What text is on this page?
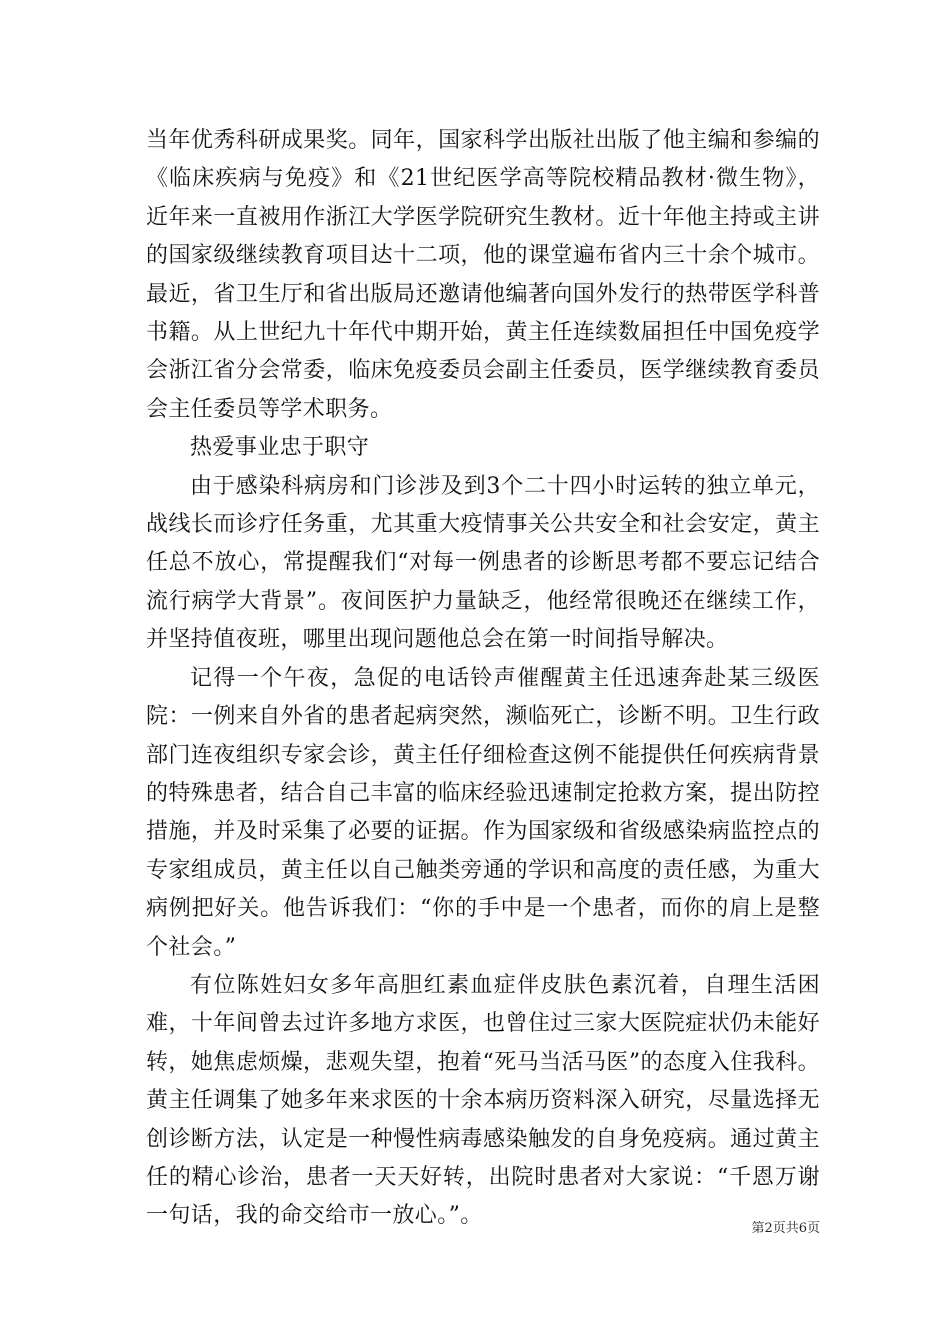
当年优秀科研成果奖。同年，国家科学出版社出版了他主编和参编的《临床疾病与免疫》和《21世纪医学高等院校精品教材·微生物》，近年来一直被用作浙江大学医学院研究生教材。近十年他主持或主讲的国家级继续教育项目达十二项，他的课堂遍布省内三十余个城市。最近，省卫生厅和省出版局还邀请他编著向国外发行的热带医学科普书籍。从上世纪九十年代中期开始，黄主任连续数届担任中国免疫学会浙江省分会常委，临床免疫委员会副主任委员，医学继续教育委员会主任委员等学术职务。

热爱事业忠于职守

由于感染科病房和门诊涉及到3个二十四小时运转的独立单元，战线长而诊疗任务重，尤其重大疫情事关公共安全和社会安定，黄主任总不放心，常提醒我们“对每一例患者的诊断思考都不要忘记结合流行病学大背景”。夜间医护力量缺乏，他经常很晚还在继续工作，并坚持值夜班，哪里出现问题他总会在第一时间指导解决。

记得一个午夜，急促的电话铃声催醒黄主任迅速奔赴某三级医院：一例来自外省的患者起病突然，濒临死亡，诊断不明。卫生行政部门连夜组织专家会诊，黄主任仔细检查这例不能提供任何疾病背景的特殊患者，结合自己丰富的临床经验迅速制定抢救方案，提出防控措施，并及时采集了必要的证据。作为国家级和省级感染病监控点的专家组成员，黄主任以自己触类旁通的学识和高度的责任感，为重大病例把好关。他告诉我们：“你的手中是一个患者，而你的肩上是整个社会。”

有位陈姓妇女多年高胆红素血症伴皮肤色素沉着，自理生活困难，十年间曾去过许多地方求医，也曾住过三家大医院症状仍未能好转，她焦虑烦燥，悲观失望，抱着“死马当活马医”的态度入住我科。黄主任调集了她多年来求医的十余本病历资料深入研究，尽量选择无创诊断方法，认定是一种慢性病毒感染触发的自身免疫病。通过黄主任的精心诊治，患者一天天好转，出院时患者对大家说：“千恩万谢一句话，我的命交给市一放心。”。

第2页共6页
